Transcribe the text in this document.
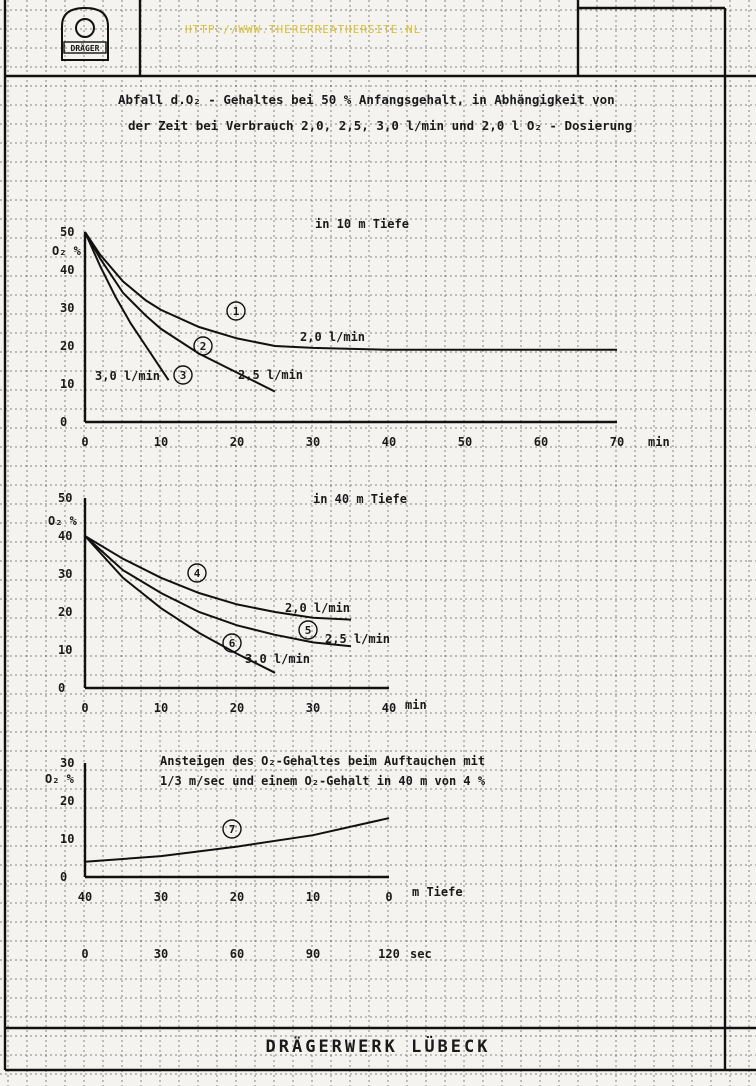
DRÄGER
HTTP://WWW.THERERREATHERSITE.NL
Abfall d.O₂ - Gehaltes bei 50 % Anfangsgehalt, in Abhängigkeit von
der Zeit bei Verbrauch 2,0, 2,5, 3,0 l/min und 2,0 l O₂ - Dosierung
in 10 m Tiefe
O₂ %
min
0	10	20	30	40	50	60	70
10
20
30
40
50
0
2,0 l/min
1
2,5 l/min
2
3,0 l/min 3
in 40 m Tiefe
O₂ %
min
0	10	20	30	40
10
20
30
40
50
0
2,0 l/min
4
2,5 l/min
5
3,0 l/min
6
Ansteigen des O₂-Gehaltes beim Auftauchen mit
1/3 m/sec und einem O₂-Gehalt in 40 m von 4 %
O₂ %
m Tiefe
sec
40	30	20	10	0
0	30	60	90	120
10
20
30
0
7
DRÄGERWERK LÜBECK
